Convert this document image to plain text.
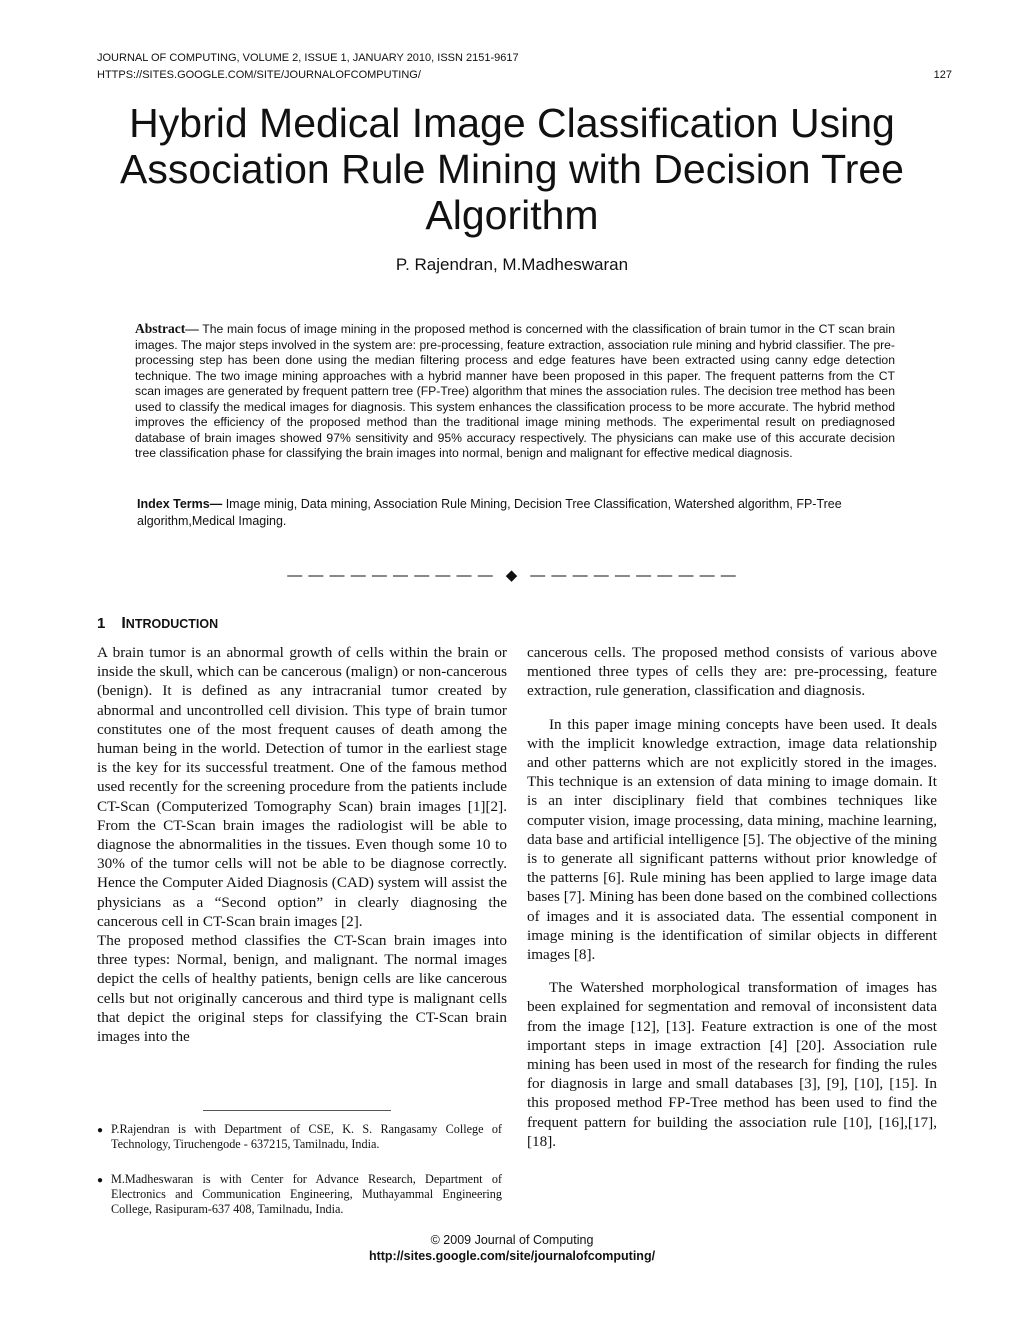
JOURNAL OF COMPUTING, VOLUME 2, ISSUE 1, JANUARY 2010, ISSN 2151-9617
HTTPS://SITES.GOOGLE.COM/SITE/JOURNALOFCOMPUTING/	127
Hybrid Medical Image Classification Using Association Rule Mining with Decision Tree Algorithm
P. Rajendran, M.Madheswaran

Abstract— The main focus of image mining in the proposed method is concerned with the classification of brain tumor in the CT scan brain images. The major steps involved in the system are: pre-processing, feature extraction, association rule mining and hybrid classifier. The pre-processing step has been done using the median filtering process and edge features have been extracted using canny edge detection technique. The two image mining approaches with a hybrid manner have been proposed in this paper. The frequent patterns from the CT scan images are generated by frequent pattern tree (FP-Tree) algorithm that mines the association rules. The decision tree method has been used to classify the medical images for diagnosis. This system enhances the classification process to be more accurate. The hybrid method improves the efficiency of the proposed method than the traditional image mining methods. The experimental result on prediagnosed database of brain images showed 97% sensitivity and 95% accuracy respectively. The physicians can make use of this accurate decision tree classification phase for classifying the brain images into normal, benign and malignant for effective medical diagnosis.

Index Terms— Image minig, Data mining, Association Rule Mining, Decision Tree Classification, Watershed algorithm, FP-Tree algorithm,Medical Imaging.

— — — — — — — — — — ◆ — — — — — — — — — —
1 INTRODUCTION

A brain tumor is an abnormal growth of cells within the brain or inside the skull, which can be cancerous (malign) or non-cancerous (benign). It is defined as any intracranial tumor created by abnormal and uncontrolled cell division. This type of brain tumor constitutes one of the most frequent causes of death among the human being in the world. Detection of tumor in the earliest stage is the key for its successful treatment. One of the famous method used recently for the screening procedure from the patients include CT-Scan (Computerized Tomography Scan) brain images [1][2]. From the CT-Scan brain images the radiologist will be able to diagnose the abnormalities in the tissues. Even though some 10 to 30% of the tumor cells will not be able to be diagnose correctly. Hence the Computer Aided Diagnosis (CAD) system will assist the physicians as a “Second option” in clearly diagnosing the cancerous cell in CT-Scan brain images [2].

The proposed method classifies the CT-Scan brain images into three types: Normal, benign, and malignant. The normal images depict the cells of healthy patients, benign cells are like cancerous cells but not originally cancerous and third type is malignant cells that depict the original steps for classifying the CT-Scan brain images into the

cancerous cells. The proposed method consists of various above mentioned three types of cells they are: pre-processing, feature extraction, rule generation, classification and diagnosis.

In this paper image mining concepts have been used. It deals with the implicit knowledge extraction, image data relationship and other patterns which are not explicitly stored in the images. This technique is an extension of data mining to image domain. It is an inter disciplinary field that combines techniques like computer vision, image processing, data mining, machine learning, data base and artificial intelligence [5]. The objective of the mining is to generate all significant patterns without prior knowledge of the patterns [6]. Rule mining has been applied to large image data bases [7]. Mining has been done based on the combined collections of images and it is associated data. The essential component in image mining is the identification of similar objects in different images [8].

The Watershed morphological transformation of images has been explained for segmentation and removal of inconsistent data from the image [12], [13]. Feature extraction is one of the most important steps in image extraction [4] [20]. Association rule mining has been used in most of the research for finding the rules for diagnosis in large and small databases [3], [9], [10], [15]. In this proposed method FP-Tree method has been used to find the frequent pattern for building the association rule [10], [16],[17],[18].

● P.Rajendran is with Department of CSE, K. S. Rangasamy College of Technology, Tiruchengode - 637215, Tamilnadu, India.
● M.Madheswaran is with Center for Advance Research, Department of Electronics and Communication Engineering, Muthayammal Engineering College, Rasipuram-637 408, Tamilnadu, India.
© 2009 Journal of Computing
http://sites.google.com/site/journalofcomputing/
